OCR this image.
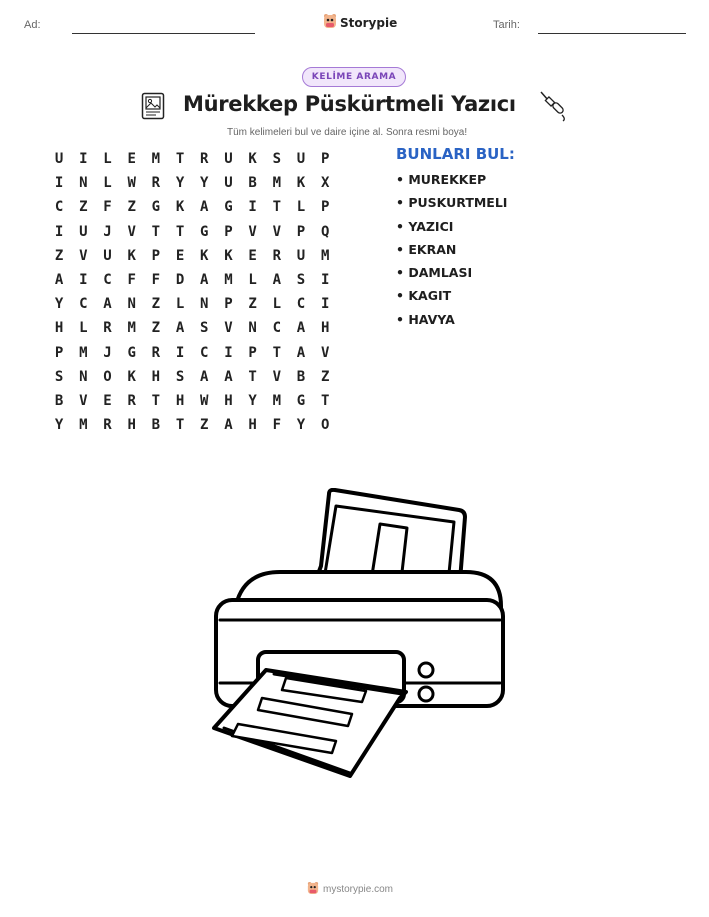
Ad:	Storypie	Tarih:
KELİME ARAMA
Mürekkep Püskürtmeli Yazıcı
Tüm kelimeleri bul ve daire içine al. Sonra resmi boya!
U	I	L	E	M	T	R	U	K	S	U	P
I	N	L	W	R	Y	Y	U	B	M	K	X
C	Z	F	Z	G	K	A	G	I	T	L	P
I	U	J	V	T	T	G	P	V	V	P	Q
Z	V	U	K	P	E	K	K	E	R	U	M
A	I	C	F	F	D	A	M	L	A	S	I
Y	C	A	N	Z	L	N	P	Z	L	C	I
H	L	R	M	Z	A	S	V	N	C	A	H
P	M	J	G	R	I	C	I	P	T	A	V
S	N	O	K	H	S	A	A	T	V	B	Z
B	V	E	R	T	H	W	H	Y	M	G	T
Y	M	R	H	B	T	Z	A	H	F	Y	O
BUNLARI BUL:
• MUREKKEP
• PUSKURTMELI
• YAZICI
• EKRAN
• DAMLASI
• KAGIT
• HAVYA
mystorypie.com
